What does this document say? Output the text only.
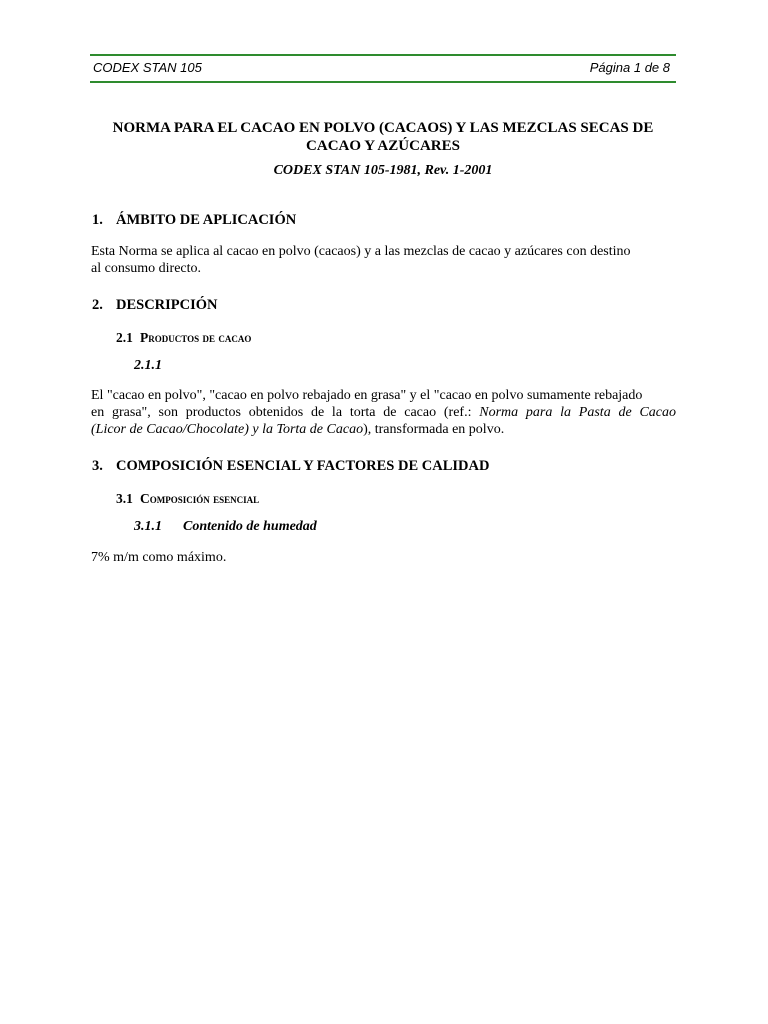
CODEX STAN 105	Página 1 de 8
NORMA PARA EL CACAO EN POLVO (CACAOS) Y LAS MEZCLAS SECAS DE
CACAO Y AZÚCARES

CODEX STAN 105-1981, Rev. 1-2001

1. ÁMBITO DE APLICACIÓN

Esta Norma se aplica al cacao en polvo (cacaos) y a las mezclas de cacao y azúcares con destino
al consumo directo.

2. DESCRIPCIÓN
2.1 Productos de cacao
2.1.1

El "cacao en polvo", "cacao en polvo rebajado en grasa" y el "cacao en polvo sumamente rebajado
en grasa", son productos obtenidos de la torta de cacao (ref.: Norma para la Pasta de Cacao
(Licor de Cacao/Chocolate) y la Torta de Cacao), transformada en polvo.

3. COMPOSICIÓN ESENCIAL Y FACTORES DE CALIDAD
3.1 Composición esencial
3.1.1 Contenido de humedad

7% m/m como máximo.
